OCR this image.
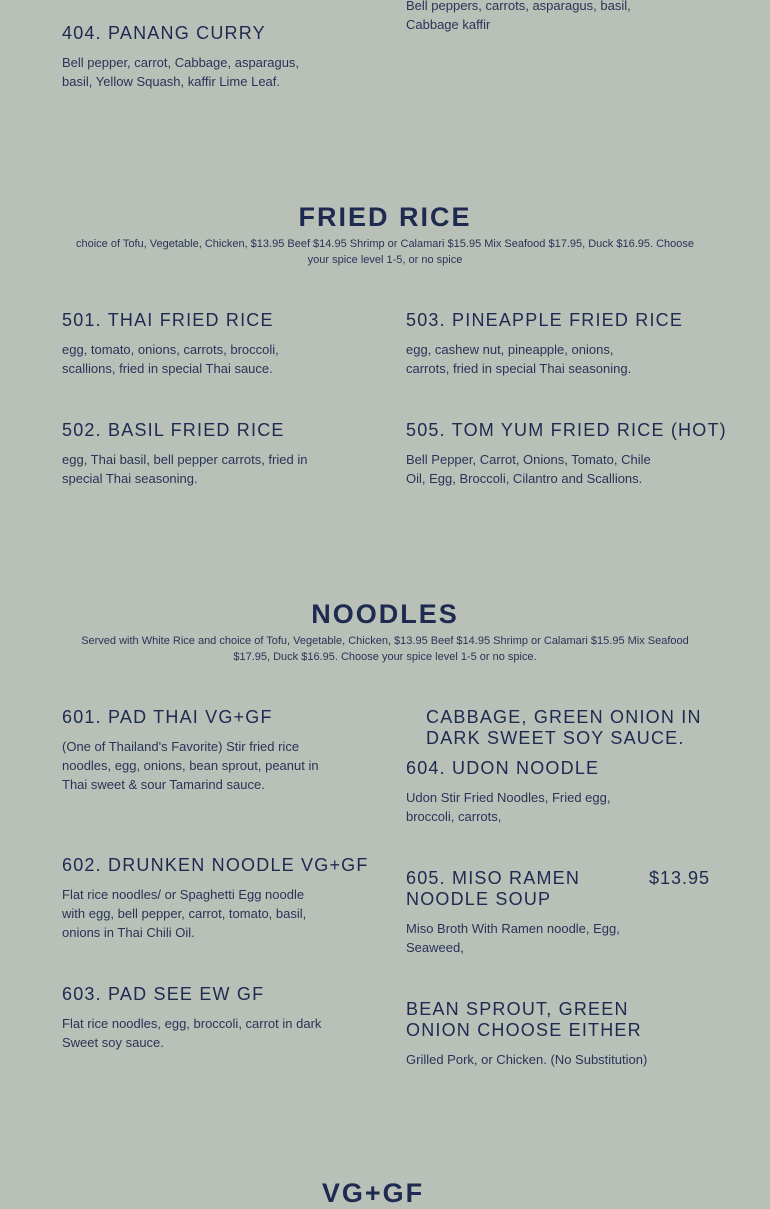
Bell peppers, carrots, asparagus, basil, Cabbage kaffir
404. PANANG CURRY
Bell pepper, carrot, Cabbage, asparagus, basil, Yellow Squash, kaffir Lime Leaf.
FRIED RICE
choice of Tofu, Vegetable, Chicken, $13.95 Beef $14.95 Shrimp or Calamari $15.95 Mix Seafood $17.95, Duck $16.95. Choose your spice level 1-5, or no spice
501. THAI FRIED RICE
egg, tomato, onions, carrots, broccoli, scallions, fried in special Thai sauce.
503. PINEAPPLE FRIED RICE
egg, cashew nut, pineapple, onions, carrots, fried in special Thai seasoning.
502. BASIL FRIED RICE
egg, Thai basil, bell pepper carrots, fried in special Thai seasoning.
505. TOM YUM FRIED RICE (HOT)
Bell Pepper, Carrot, Onions, Tomato, Chile Oil, Egg, Broccoli, Cilantro and Scallions.
NOODLES
Served with White Rice and choice of Tofu, Vegetable, Chicken, $13.95 Beef $14.95 Shrimp or Calamari $15.95 Mix Seafood $17.95, Duck $16.95. Choose your spice level 1-5 or no spice.
601. PAD THAI VG+GF
(One of Thailand's Favorite) Stir fried rice noodles, egg, onions, bean sprout, peanut in Thai sweet & sour Tamarind sauce.
602. DRUNKEN NOODLE VG+GF
Flat rice noodles/ or Spaghetti Egg noodle with egg, bell pepper, carrot, tomato, basil, onions in Thai Chili Oil.
603. PAD SEE EW GF
Flat rice noodles, egg, broccoli, carrot in dark Sweet soy sauce.
CABBAGE, GREEN ONION IN DARK SWEET SOY SAUCE.
604. UDON NOODLE
Udon Stir Fried Noodles, Fried egg, broccoli, carrots,
605. MISO RAMEN NOODLE SOUP
$13.95
Miso Broth With Ramen noodle, Egg, Seaweed,
BEAN SPROUT, GREEN ONION CHOOSE EITHER
Grilled Pork, or Chicken. (No Substitution)
VG+GF
